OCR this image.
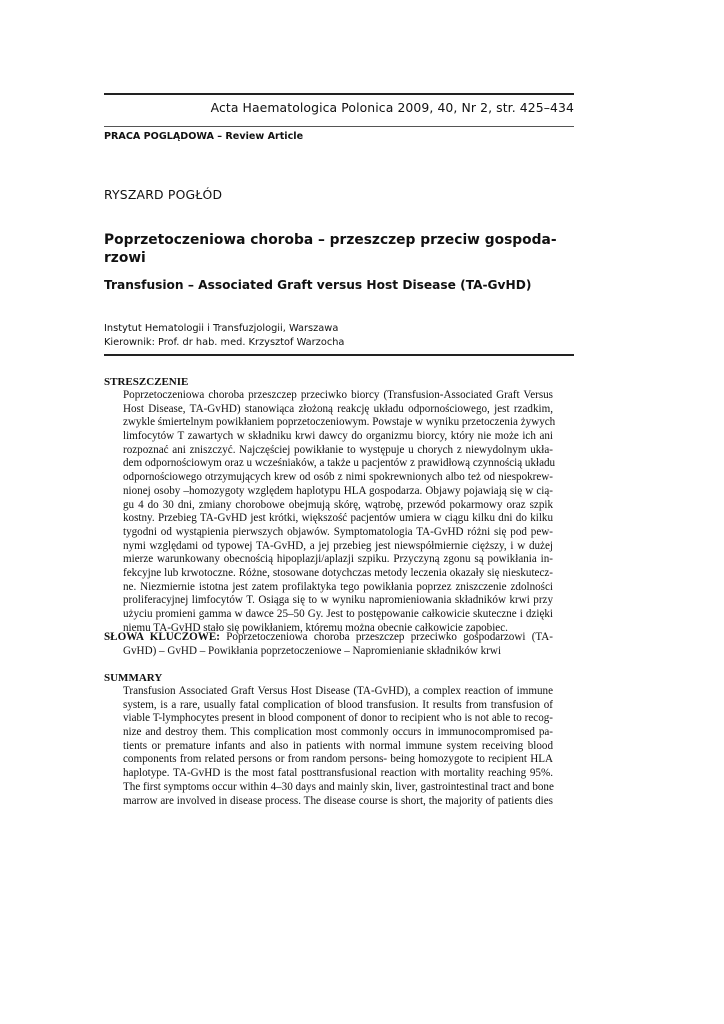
Acta Haematologica Polonica 2009, 40, Nr 2, str. 425–434
PRACA POGLĄDOWA – Review Article
RYSZARD POGŁÓD
Poprzetoczeniowa choroba – przeszczep przeciw gospoda-
rzowi
Transfusion – Associated Graft versus Host Disease (TA-GvHD)
Instytut Hematologii i Transfuzjologii, Warszawa
Kierownik: Prof. dr hab. med. Krzysztof Warzocha
STRESZCZENIE
Poprzetoczeniowa choroba przeszczep przeciwko biorcy (Transfusion-Associated Graft Versus
Host Disease, TA-GvHD) stanowiąca złożoną reakcję układu odpornościowego, jest rzadkim,
zwykle śmiertelnym powikłaniem poprzetoczeniowym. Powstaje w wyniku przetoczenia żywych
limfocytów T zawartych w składniku krwi dawcy do organizmu biorcy, który nie może ich ani
rozpoznać ani zniszczyć. Najczęściej powikłanie to występuje u chorych z niewydolnym ukła-
dem odpornościowym oraz u wcześniaków, a także u pacjentów z prawidłową czynnością układu
odpornościowego otrzymujących krew od osób z nimi spokrewnionych albo też od niespokrew-
nionej osoby –homozygoty względem haplotypu HLA gospodarza. Objawy pojawiają się w cią-
gu 4 do 30 dni, zmiany chorobowe obejmują skórę, wątrobę, przewód pokarmowy oraz szpik
kostny. Przebieg TA-GvHD jest krótki, większość pacjentów umiera w ciągu kilku dni do kilku
tygodni od wystąpienia pierwszych objawów. Symptomatologia TA-GvHD różni się pod pew-
nymi względami od typowej TA-GvHD, a jej przebieg jest niewspółmiernie cięższy, i w dużej
mierze warunkowany obecnością hipoplazji/aplazji szpiku. Przyczyną zgonu są powikłania in-
fekcyjne lub krwotoczne. Różne, stosowane dotychczas metody leczenia okazały się nieskutecz-
ne. Niezmiernie istotna jest zatem profilaktyka tego powikłania poprzez zniszczenie zdolności
proliferacyjnej limfocytów T. Osiąga się to w wyniku napromieniowania składników krwi przy
użyciu promieni gamma w dawce 25–50 Gy. Jest to postępowanie całkowicie skuteczne i dzięki
niemu TA-GvHD stało się powikłaniem, któremu można obecnie całkowicie zapobiec.
SŁOWA KLUCZOWE: Poprzetoczeniowa choroba przeszczep przeciwko gospodarzowi (TA-
GvHD) – GvHD – Powikłania poprzetoczeniowe – Napromienianie składników krwi
SUMMARY
Transfusion Associated Graft Versus Host Disease (TA-GvHD), a complex reaction of immune
system, is a rare, usually fatal complication of blood transfusion. It results from transfusion of
viable T-lymphocytes present in blood component of donor to recipient who is not able to recog-
nize and destroy them. This complication most commonly occurs in immunocompromised pa-
tients or premature infants and also in patients with normal immune system receiving blood
components from related persons or from random persons- being homozygote to recipient HLA
haplotype. TA-GvHD is the most fatal posttransfusional reaction with mortality reaching 95%.
The first symptoms occur within 4–30 days and mainly skin, liver, gastrointestinal tract and bone
marrow are involved in disease process. The disease course is short, the majority of patients dies
